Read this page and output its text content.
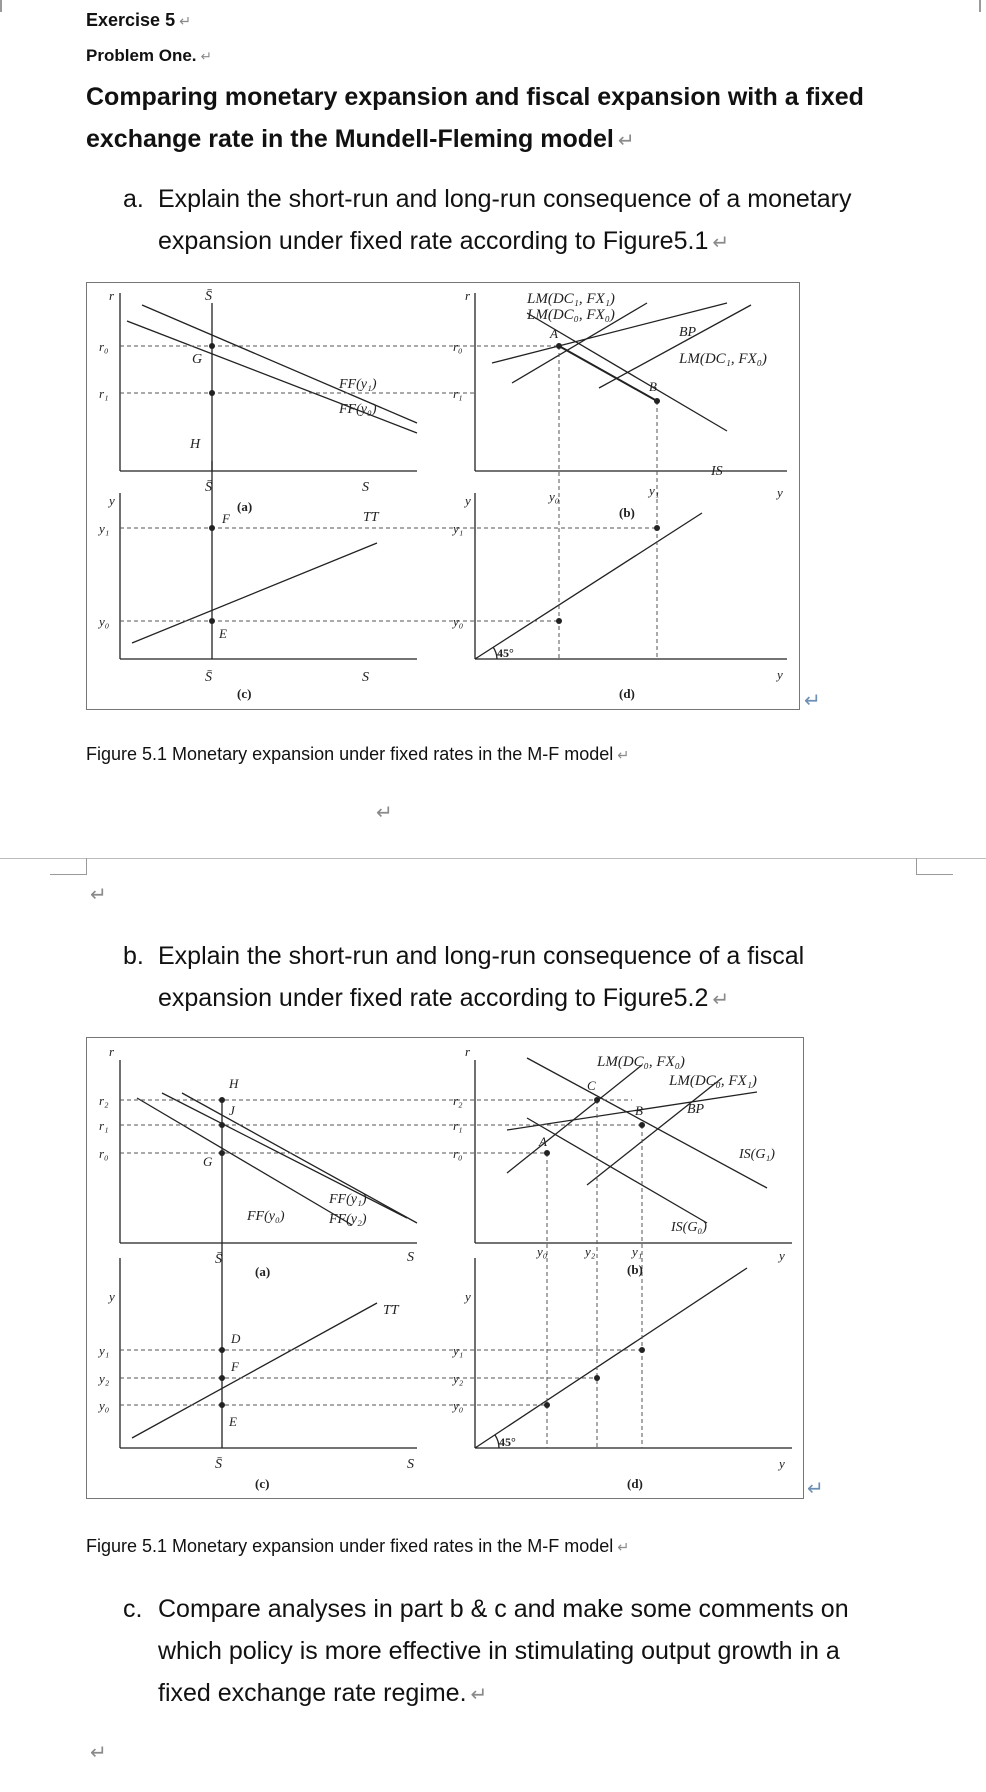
Exercise 5 ↵
Problem One. ↵
Comparing monetary expansion and fiscal expansion with a fixed
exchange rate in the Mundell-Fleming model ↵
a. Explain the short-run and long-run consequence of a monetary
expansion under fixed rate according to Figure5.1 ↵
r
r₀
r₁
S̄
G
H
FF(y₁)
FF(y₀)
S̄	S
(a)
r
r₀
r₁
LM(DC₁, FX₁)
LM(DC₀, FX₀)
BP
LM(DC₁, FX₀)
IS
A
B
y₀	y₁	y
(b)
y
y₁
y₀
F
E
TT
S̄	S
(c)
y
y₁
y₀
45°
y
(d)	↵
Figure 5.1 Monetary expansion under fixed rates in the M-F model ↵
↵
↵
b. Explain the short-run and long-run consequence of a fiscal
expansion under fixed rate according to Figure5.2 ↵
r
r₂
r₁
r₀
H
J
G
FF(y₀)
FF(y₁)
FF(y₂)
S̄	S
(a)
r
r₂
r₁
r₀
LM(DC₀, FX₀)
LM(DC₀, FX₁)
BP
IS(G₁)
IS(G₀)
A
B
C
y₀	y₂	y₁	y
(b)
y
y₁
y₂
y₀
D
F
E
TT
S̄	S
(c)
y
y₁
y₂
y₀
45°
y
(d)	↵
Figure 5.1 Monetary expansion under fixed rates in the M-F model ↵
c. Compare analyses in part b & c and make some comments on
which policy is more effective in stimulating output growth in a
fixed exchange rate regime. ↵
↵
